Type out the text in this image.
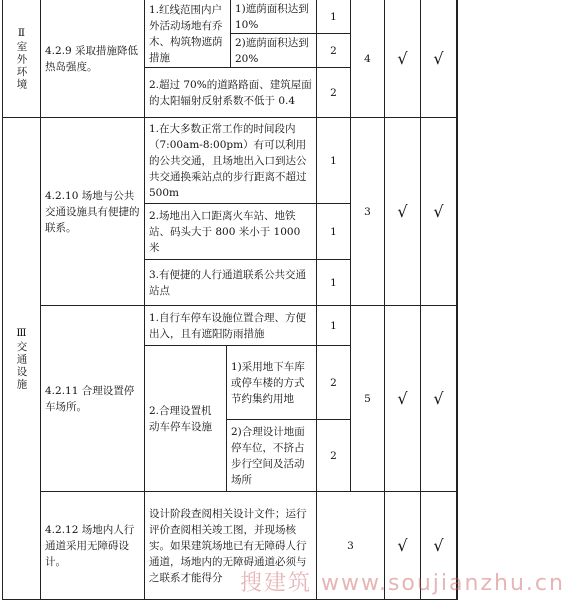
Ⅱ室外环境
Ⅲ交通设施
4.2.9 采取措施降低热岛强度。
1.红线范围内户外活动场地有乔木、构筑物遮荫措施
1)遮荫面积达到 10%
1
2)遮荫面积达到 20%
2
2.超过 70%的道路路面、建筑屋面的太阳辐射反射系数不低于 0.4
2
4 √ √
4.2.10 场地与公共交通设施具有便捷的联系。
1.在大多数正常工作的时间段内（7:00am-8:00pm）有可以利用的公共交通，且场地出入口到达公共交通换乘站点的步行距离不超过 500m
1
2.场地出入口距离火车站、地铁站、码头大于 800 米小于 1000 米
1
3.有便捷的人行通道联系公共交通站点
1
3 √ √
4.2.11 合理设置停车场所。
1.自行车停车设施位置合理、方便出入，且有遮阳防雨措施
1
2.合理设置机动车停车设施
1)采用地下车库或停车楼的方式节约集约用地
2
2)合理设计地面停车位，不挤占步行空间及活动场所
2
5 √ √
4.2.12 场地内人行通道采用无障碍设计。
设计阶段查阅相关设计文件；运行评价查阅相关竣工图，并现场核实。如果建筑场地已有无障碍人行通道，场地内的无障碍通道必须与之联系才能得分
3	√ √
搜建筑 www.soujianzhu.cn
